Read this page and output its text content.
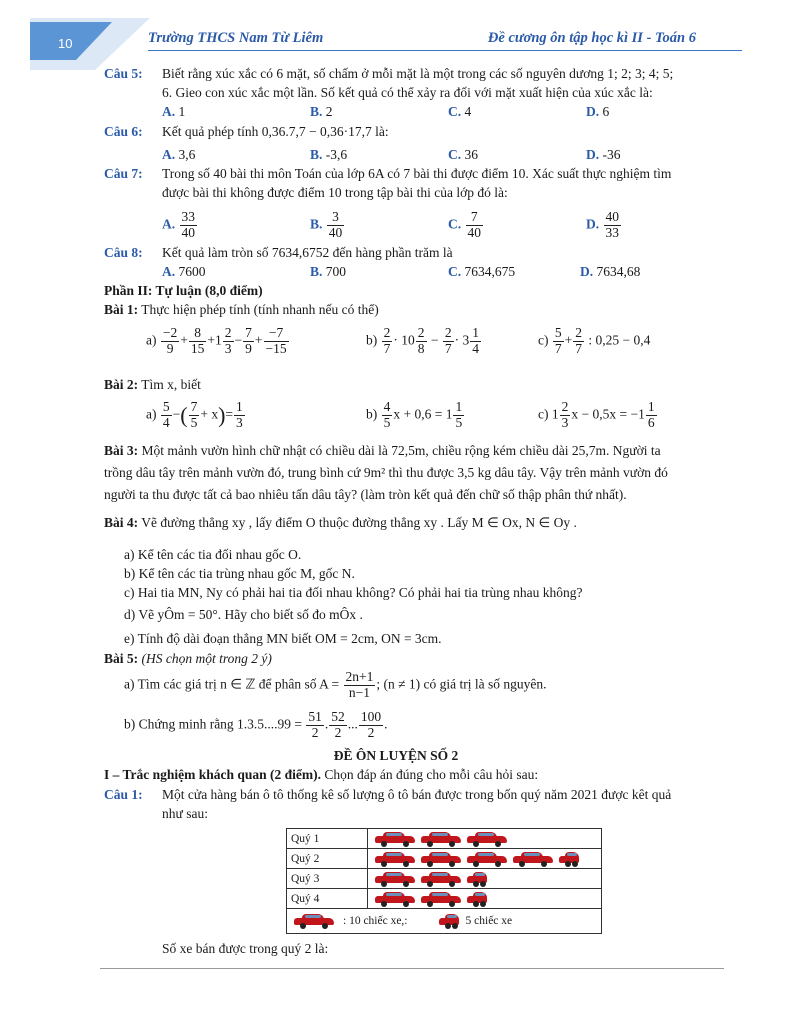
10	Trường THCS Nam Từ Liêm	Đề cương ôn tập học kì II - Toán 6
Câu 5: Biết rằng xúc xắc có 6 mặt, số chấm ở mỗi mặt là một trong các số nguyên dương 1; 2; 3; 4; 5;
6. Gieo con xúc xắc một lần. Số kết quả có thể xảy ra đối với mặt xuất hiện của xúc xắc là:
A. 1	B. 2	C. 4	D. 6
Câu 6: Kết quả phép tính 0,36.7,7 − 0,36·17,7 là:
A. 3,6	B. -3,6	C. 36	D. -36
Câu 7: Trong số 40 bài thi môn Toán của lớp 6A có 7 bài thi được điểm 10. Xác suất thực nghiệm tìm
được bài thi không được điểm 10 trong tập bài thi của lớp đó là:
A. $\frac{33}{40}$	B. $\frac{3}{40}$	C. $\frac{7}{40}$	D. $\frac{40}{33}$
Câu 8: Kết quả làm tròn số 7634,6752 đến hàng phần trăm là
A. 7600	B. 700	C. 7634,675	D. 7634,68
Phần II: Tự luận (8,0 điểm)
Bài 1: Thực hiện phép tính (tính nhanh nếu có thể)
$a) \frac{-2}{9} + \frac{8}{15} +1 \frac{2}{3} - \frac{7}{9} + \frac{-7}{-15}$	$b) \frac{2}{7} \cdot 10 \frac{2}{8} - \frac{2}{7} \cdot 3 \frac{1}{4}$	$c) \frac{5}{7} + \frac{2}{7}$ : 0,25 − 0,4
Bài 2: Tìm x, biết
$a) \frac{5}{4}$ −( $\frac{7}{5} + x)= \frac{1}{3}$	$b) \frac{4}{5}$ $x + 0,6 = 1 \frac{1}{5}$	c) $1 \frac{2}{3}$ $x - 0,5x = -1 \frac{1}{6}$
Bài 3: Một mảnh vườn hình chữ nhật có chiều dài là 72,5m, chiều rộng kém chiều dài 25,7m. Người ta
trồng dâu tây trên mảnh vườn đó, trung bình cứ 9m² thì thu được 3,5 kg dâu tây. Vậy trên mảnh vườn đó
người ta thu được tất cả bao nhiêu tấn dâu tây? (làm tròn kết quả đến chữ số thập phân thứ nhất).
Bài 4: Vẽ đường thẳng xy , lấy điểm O thuộc đường thẳng xy . Lấy M ∈ Ox, N ∈ Oy .
a) Kể tên các tia đối nhau gốc O.
b) Kể tên các tia trùng nhau gốc M, gốc N.
c) Hai tia MN, Ny có phải hai tia đối nhau không? Có phải hai tia trùng nhau không?
d) Vẽ yÔm = 50°. Hãy cho biết số đo mÔx .
e) Tính độ dài đoạn thẳng MN biết OM = 2cm, ON = 3cm.
Bài 5: (HS chọn một trong 2 ý)
a) Tìm các giá trị n ∈ ℤ để phân số $A = \frac{2n+1}{n-1}$ ; (n ≠ 1) có giá trị là số nguyên.
b) Chứng minh rằng $1.3.5....99 = \frac{51}{2}$ . $\frac{52}{2}$ ... $\frac{100}{2}$ .
ĐỀ ÔN LUYỆN SỐ 2
I – Trắc nghiệm khách quan (2 điểm). Chọn đáp án đúng cho mỗi câu hỏi sau:
Câu 1: Một cửa hàng bán ô tô thống kê số lượng ô tô bán được trong bốn quý năm 2021 được kêt quả
như sau:
Quý 1	

Quý 2	

Quý 3	

Quý 4	

: 10 chiếc xe,: 5 chiếc xe	
Số xe bán được trong quý 2 là:
